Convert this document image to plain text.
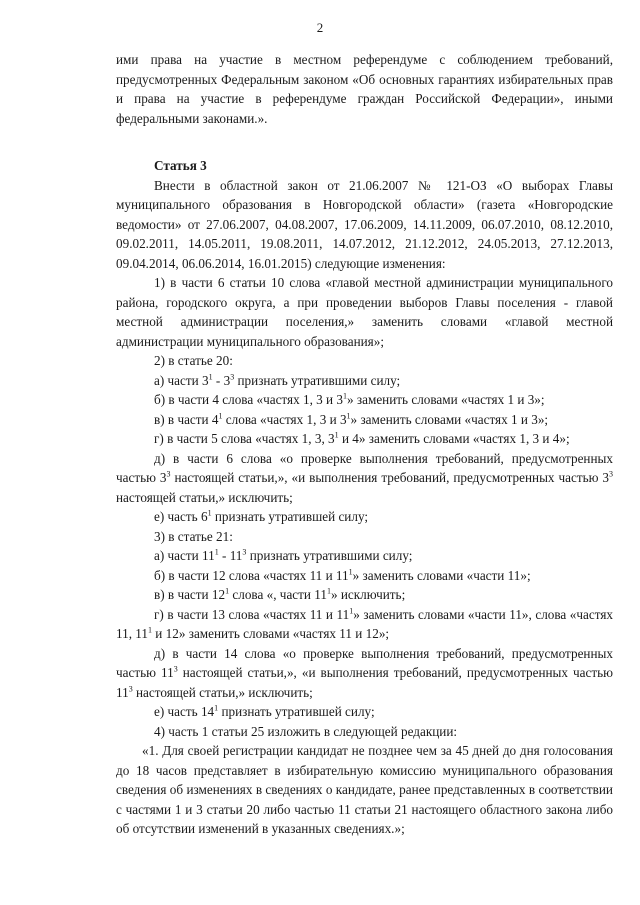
2

ими права на участие в местном референдуме с соблюдением требований, предусмотренных Федеральным законом «Об основных гарантиях избирательных прав и права на участие в референдуме граждан Российской Федерации», иными федеральными законами.».

Статья 3

Внести в областной закон от 21.06.2007 № 121-ОЗ «О выборах Главы муниципального образования в Новгородской области» (газета «Новгородские ведомости» от 27.06.2007, 04.08.2007, 17.06.2009, 14.11.2009, 06.07.2010, 08.12.2010, 09.02.2011, 14.05.2011, 19.08.2011, 14.07.2012, 21.12.2012, 24.05.2013, 27.12.2013, 09.04.2014, 06.06.2014, 16.01.2015) следующие изменения:

1) в части 6 статьи 10 слова «главой местной администрации муниципального района, городского округа, а при проведении выборов Главы поселения - главой местной администрации поселения,» заменить словами «главой местной администрации муниципального образования»;

2) в статье 20:

а) части $3^1 - 3^3$ признать утратившими силу;

б) в части 4 слова «частях 1, 3 и $3^1$» заменить словами «частях 1 и 3»;

в) в части $4^1$ слова «частях 1, 3 и $3^1$» заменить словами «частях 1 и 3»;

г) в части 5 слова «частях 1, 3, $3^1$ и 4» заменить словами «частях 1, 3 и 4»;

д) в части 6 слова «о проверке выполнения требований, предусмотренных частью $3^3$ настоящей статьи,», «и выполнения требований, предусмотренных частью $3^3$ настоящей статьи,» исключить;

е) часть $6^1$ признать утратившей силу;

3) в статье 21:

а) части $11^1 - 11^3$ признать утратившими силу;

б) в части 12 слова «частях 11 и $11^1$» заменить словами «части 11»;

в) в части $12^1$ слова «, части $11^1$» исключить;

г) в части 13 слова «частях 11 и $11^1$» заменить словами «части 11», слова «частях 11, $11^1$ и 12» заменить словами «частях 11 и 12»;

д) в части 14 слова «о проверке выполнения требований, предусмотренных частью $11^3$ настоящей статьи,», «и выполнения требований, предусмотренных частью $11^3$ настоящей статьи,» исключить;

е) часть $14^1$ признать утратившей силу;

4) часть 1 статьи 25 изложить в следующей редакции:

«1. Для своей регистрации кандидат не позднее чем за 45 дней до дня голосования до 18 часов представляет в избирательную комиссию муниципального образования сведения об изменениях в сведениях о кандидате, ранее представленных в соответствии с частями 1 и 3 статьи 20 либо частью 11 статьи 21 настоящего областного закона либо об отсутствии изменений в указанных сведениях.»;
